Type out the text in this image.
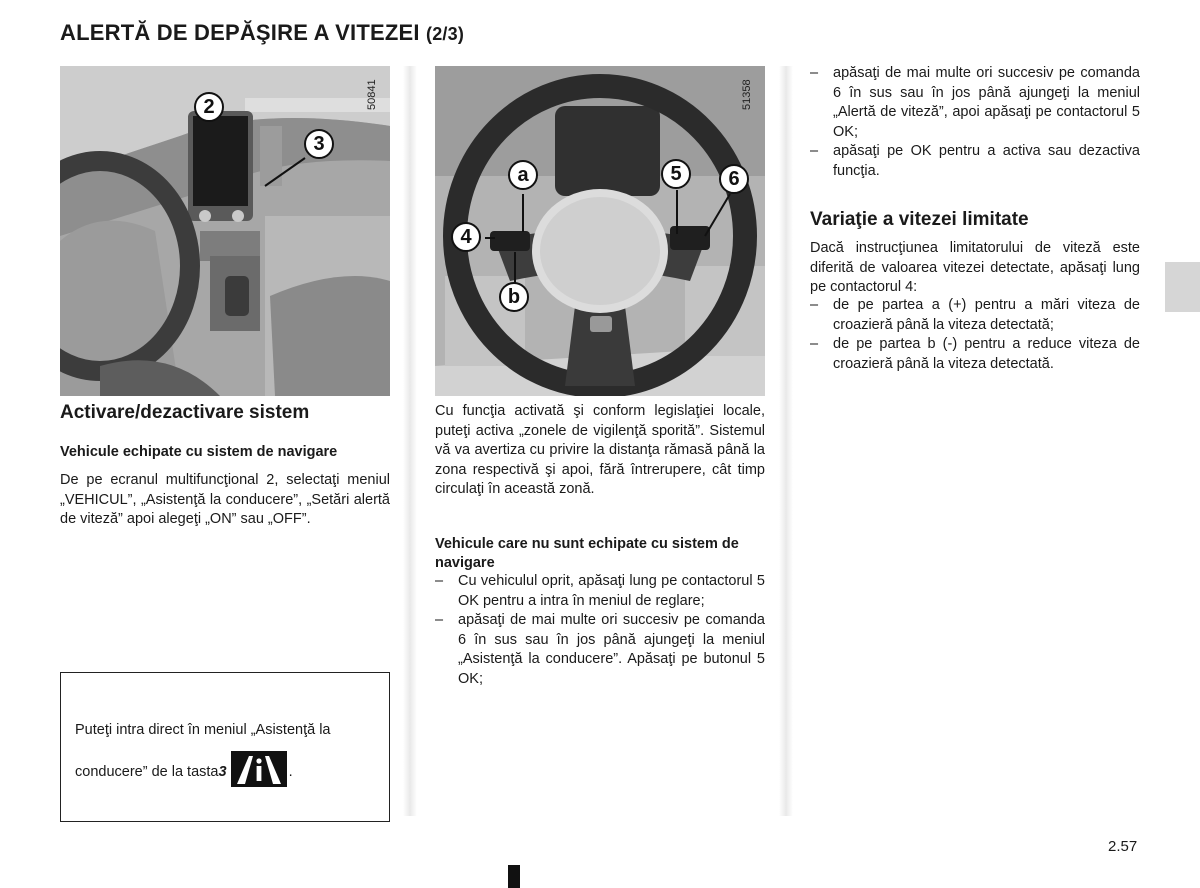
ALERTĂ DE DEPĂŞIRE A VITEZEI (2/3)
2
3
50841
a	5	6
4
b
51358
Activare/dezactivare sistem
Vehicule echipate cu sistem de navigare
De pe ecranul multifuncţional 2, selectaţi meniul „VEHICUL”, „Asistenţă la conducere”, „Setări alertă de viteză” apoi alegeţi „ON” sau „OFF”.
Puteţi intra direct în meniul „Asistenţă la
conducere” de la tasta 3	.
Cu funcţia activată şi conform legislaţiei locale, puteţi activa „zonele de vigilenţă sporită”. Sistemul vă va avertiza cu privire la distanţa rămasă până la zona respectivă şi apoi, fără întrerupere, cât timp circulaţi în această zonă.
Vehicule care nu sunt echipate cu sistem de navigare
– Cu vehiculul oprit, apăsaţi lung pe contactorul 5 OK pentru a intra în meniul de reglare;
– apăsaţi de mai multe ori succesiv pe comanda 6 în sus sau în jos până ajungeţi la meniul „Asistenţă la conducere”. Apăsaţi pe butonul 5 OK;
– apăsaţi de mai multe ori succesiv pe comanda 6 în sus sau în jos până ajungeţi la meniul „Alertă de viteză”, apoi apăsaţi pe contactorul 5 OK;
– apăsaţi pe OK pentru a activa sau dezactiva funcţia.
Variaţie a vitezei limitate
Dacă instrucţiunea limitatorului de viteză este diferită de valoarea vitezei detectate, apăsaţi lung pe contactorul 4:
– de pe partea a (+) pentru a mări viteza de croazieră până la viteza detectată;
– de pe partea b (-) pentru a reduce viteza de croazieră până la viteza detectată.
2.57
